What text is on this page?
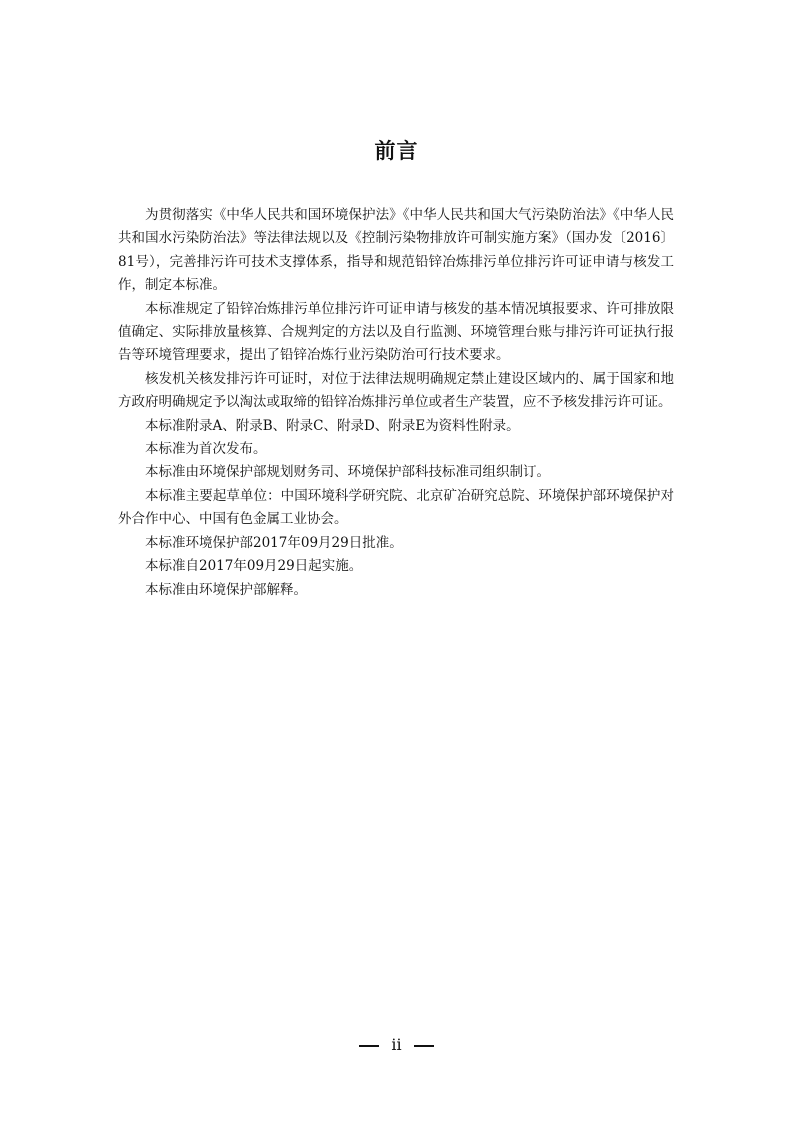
前言

为贯彻落实《中华人民共和国环境保护法》《中华人民共和国大气污染防治法》《中华人民共和国水污染防治法》等法律法规以及《控制污染物排放许可制实施方案》（国办发〔2016〕81号），完善排污许可技术支撑体系，指导和规范铅锌冶炼排污单位排污许可证申请与核发工作，制定本标准。

本标准规定了铅锌冶炼排污单位排污许可证申请与核发的基本情况填报要求、许可排放限值确定、实际排放量核算、合规判定的方法以及自行监测、环境管理台账与排污许可证执行报告等环境管理要求，提出了铅锌冶炼行业污染防治可行技术要求。

核发机关核发排污许可证时，对位于法律法规明确规定禁止建设区域内的、属于国家和地方政府明确规定予以淘汰或取缔的铅锌冶炼排污单位或者生产装置，应不予核发排污许可证。

本标准附录A、附录B、附录C、附录D、附录E为资料性附录。

本标准为首次发布。

本标准由环境保护部规划财务司、环境保护部科技标准司组织制订。

本标准主要起草单位：中国环境科学研究院、北京矿冶研究总院、环境保护部环境保护对外合作中心、中国有色金属工业协会。

本标准环境保护部2017年09月29日批准。

本标准自2017年09月29日起实施。

本标准由环境保护部解释。

ii
